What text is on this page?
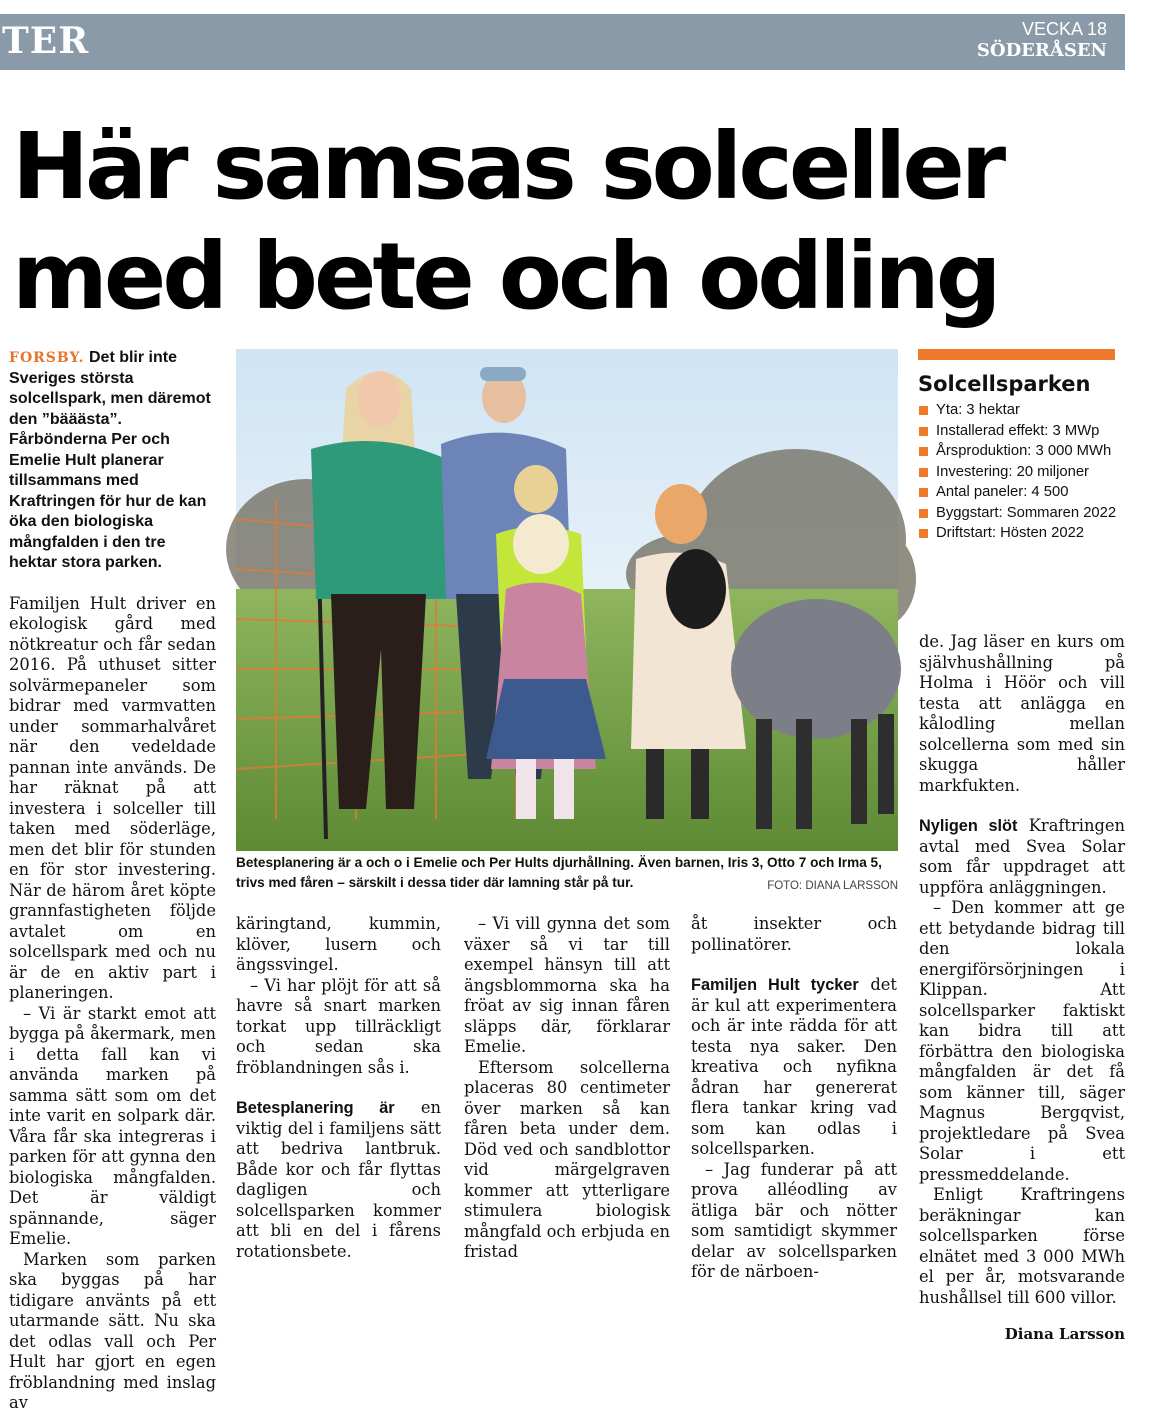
TER	VECKA 18
SÖDERÅSEN
Här samsas solceller
med bete och odling

FORSBY. Det blir inte Sveriges största solcellspark, men däremot den ”bääästa”. Fårbönderna Per och Emelie Hult planerar tillsammans med Kraftringen för hur de kan öka den biologiska mångfalden i den tre hektar stora parken.

Familjen Hult driver en ekologisk gård med nötkreatur och får sedan 2016. På uthuset sitter solvärmepaneler som bidrar med varmvatten under sommarhalvåret när den vedeldade pannan inte används. De har räknat på att investera i solceller till taken med söderläge, men det blir för stunden en för stor investering. När de härom året köpte grannfastigheten följde avtalet om en solcellspark med och nu är de en aktiv part i planeringen.

– Vi är starkt emot att bygga på åkermark, men i detta fall kan vi använda marken på samma sätt som om det inte varit en solpark där. Våra får ska integreras i parken för att gynna den biologiska mångfalden. Det är väldigt spännande, säger Emelie.

Marken som parken ska byggas på har tidigare använts på ett utarmande sätt. Nu ska det odlas vall och Per Hult har gjort en egen fröblandning med inslag av

Betesplanering är a och o i Emelie och Per Hults djurhållning. Även barnen, Iris 3, Otto 7 och Irma 5, trivs med fåren – särskilt i dessa tider där lamning står på tur.	FOTO: DIANA LARSSON
Solcellsparken
Yta: 3 hektar
Installerad effekt: 3 MWp
Årsproduktion: 3 000 MWh
Investering: 20 miljoner
Antal paneler: 4 500
Byggstart: Sommaren 2022
Driftstart: Hösten 2022

käringtand, kummin, klöver, lusern och ängssvingel.

– Vi har plöjt för att så havre så snart marken torkat upp tillräckligt och sedan ska fröblandningen sås i.

Betesplanering är en viktig del i familjens sätt att bedriva lantbruk. Både kor och får flyttas dagligen och solcellsparken kommer att bli en del i fårens rotationsbete.

– Vi vill gynna det som växer så vi tar till exempel hänsyn till att ängsblommorna ska ha fröat av sig innan fåren släpps där, förklarar Emelie.

Eftersom solcellerna placeras 80 centimeter över marken så kan fåren beta under dem. Död ved och sandblottor vid märgelgraven kommer att ytterligare stimulera biologisk mångfald och erbjuda en fristad

åt insekter och pollinatörer.

Familjen Hult tycker det är kul att experimentera och är inte rädda för att testa nya saker. Den kreativa och nyfikna ådran har genererat flera tankar kring vad som kan odlas i solcellsparken.

– Jag funderar på att prova alléodling av ätliga bär och nötter som samtidigt skymmer delar av solcellsparken för de närboen-

de. Jag läser en kurs om självhushållning på Holma i Höör och vill testa att anlägga en kålodling mellan solcellerna som med sin skugga håller markfukten.

Nyligen slöt Kraftringen avtal med Svea Solar som får uppdraget att uppföra anläggningen.

– Den kommer att ge ett betydande bidrag till den lokala energiförsörjningen i Klippan. Att solcellsparker faktiskt kan bidra till att förbättra den biologiska mångfalden är det få som känner till, säger Magnus Bergqvist, projektledare på Svea Solar i ett pressmeddelande.

Enligt Kraftringens beräkningar kan solcellsparken förse elnätet med 3 000 MWh el per år, motsvarande hushållsel till 600 villor.

Diana Larsson
